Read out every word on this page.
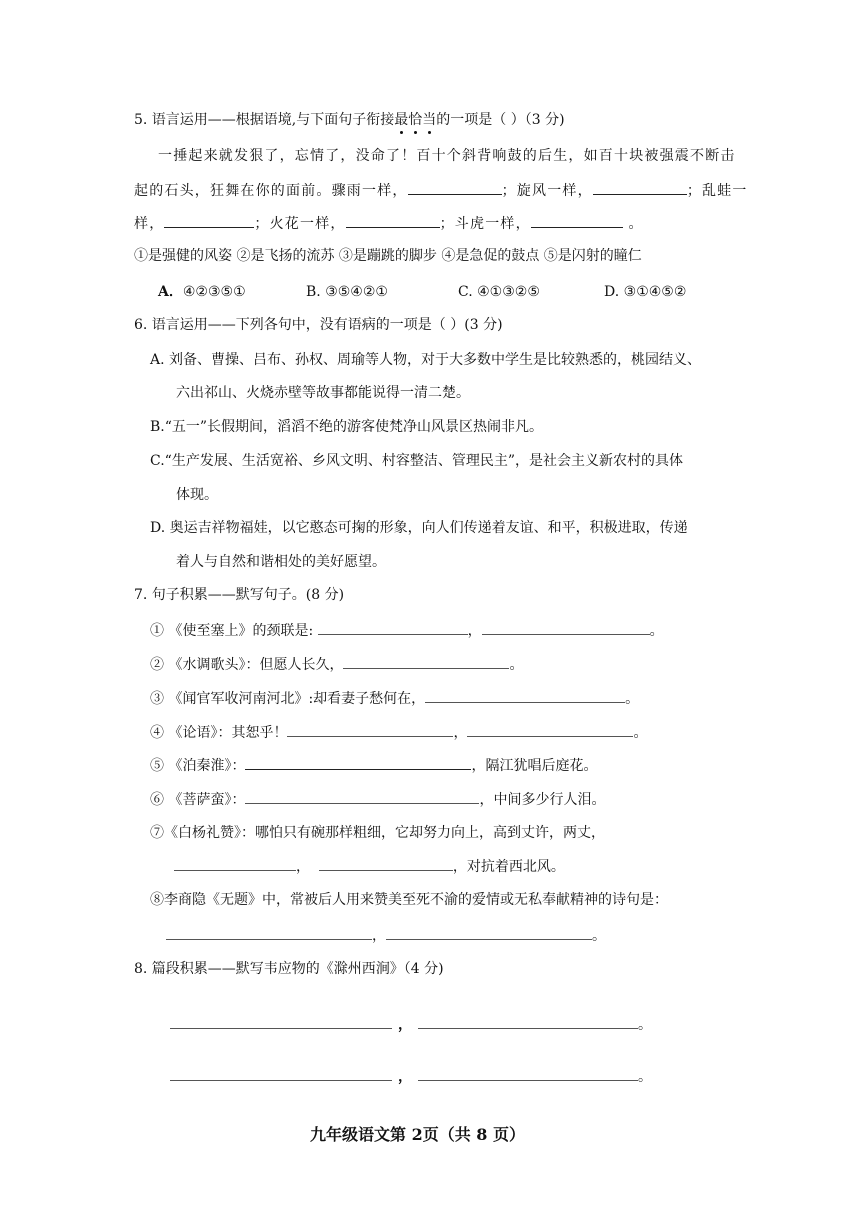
5. 语言运用——根据语境,与下面句子衔接最恰当的一项是（ ）（3 分)
一捶起来就发狠了，忘情了，没命了！百十个斜背响鼓的后生，如百十块被强震不断击
起的石头，狂舞在你的面前。骤雨一样，	；旋风一样，	；乱蛙一
样，	；火花一样，	；斗虎一样，	。
①是强健的风姿 ②是飞扬的流苏 ③是蹦跳的脚步 ④是急促的鼓点 ⑤是闪射的瞳仁
A．④②③⑤①	B. ③⑤④②①	C. ④①③②⑤	D. ③①④⑤②
6. 语言运用——下列各句中，没有语病的一项是（ ）(3 分)
A. 刘备、曹操、吕布、孙权、周瑜等人物，对于大多数中学生是比较熟悉的，桃园结义、
六出祁山、火烧赤壁等故事都能说得一清二楚。
B.“五一”长假期间，滔滔不绝的游客使梵净山风景区热闹非凡。
C.“生产发展、生活宽裕、乡风文明、村容整洁、管理民主”，是社会主义新农村的具体
体现。
D. 奥运吉祥物福娃，以它憨态可掬的形象，向人们传递着友谊、和平，积极进取，传递
着人与自然和谐相处的美好愿望。
7. 句子积累——默写句子。(8 分)
① 《使至塞上》的颈联是:	，	。
② 《水调歌头》：但愿人长久，	。
③ 《闻官军收河南河北》:却看妻子愁何在，	。
④ 《论语》：其恕乎！	，	。
⑤ 《泊秦淮》：	，隔江犹唱后庭花。
⑥ 《菩萨蛮》：	，中间多少行人泪。
⑦《白杨礼赞》：哪怕只有碗那样粗细，它却努力向上，高到丈许，两丈，
，	，对抗着西北风。
⑧李商隐《无题》中，常被后人用来赞美至死不渝的爱情或无私奉献精神的诗句是：
，	。
8. 篇段积累——默写韦应物的《滁州西涧》（4 分)
，	。
，	。
九年级语文第 2页（共 8 页）
